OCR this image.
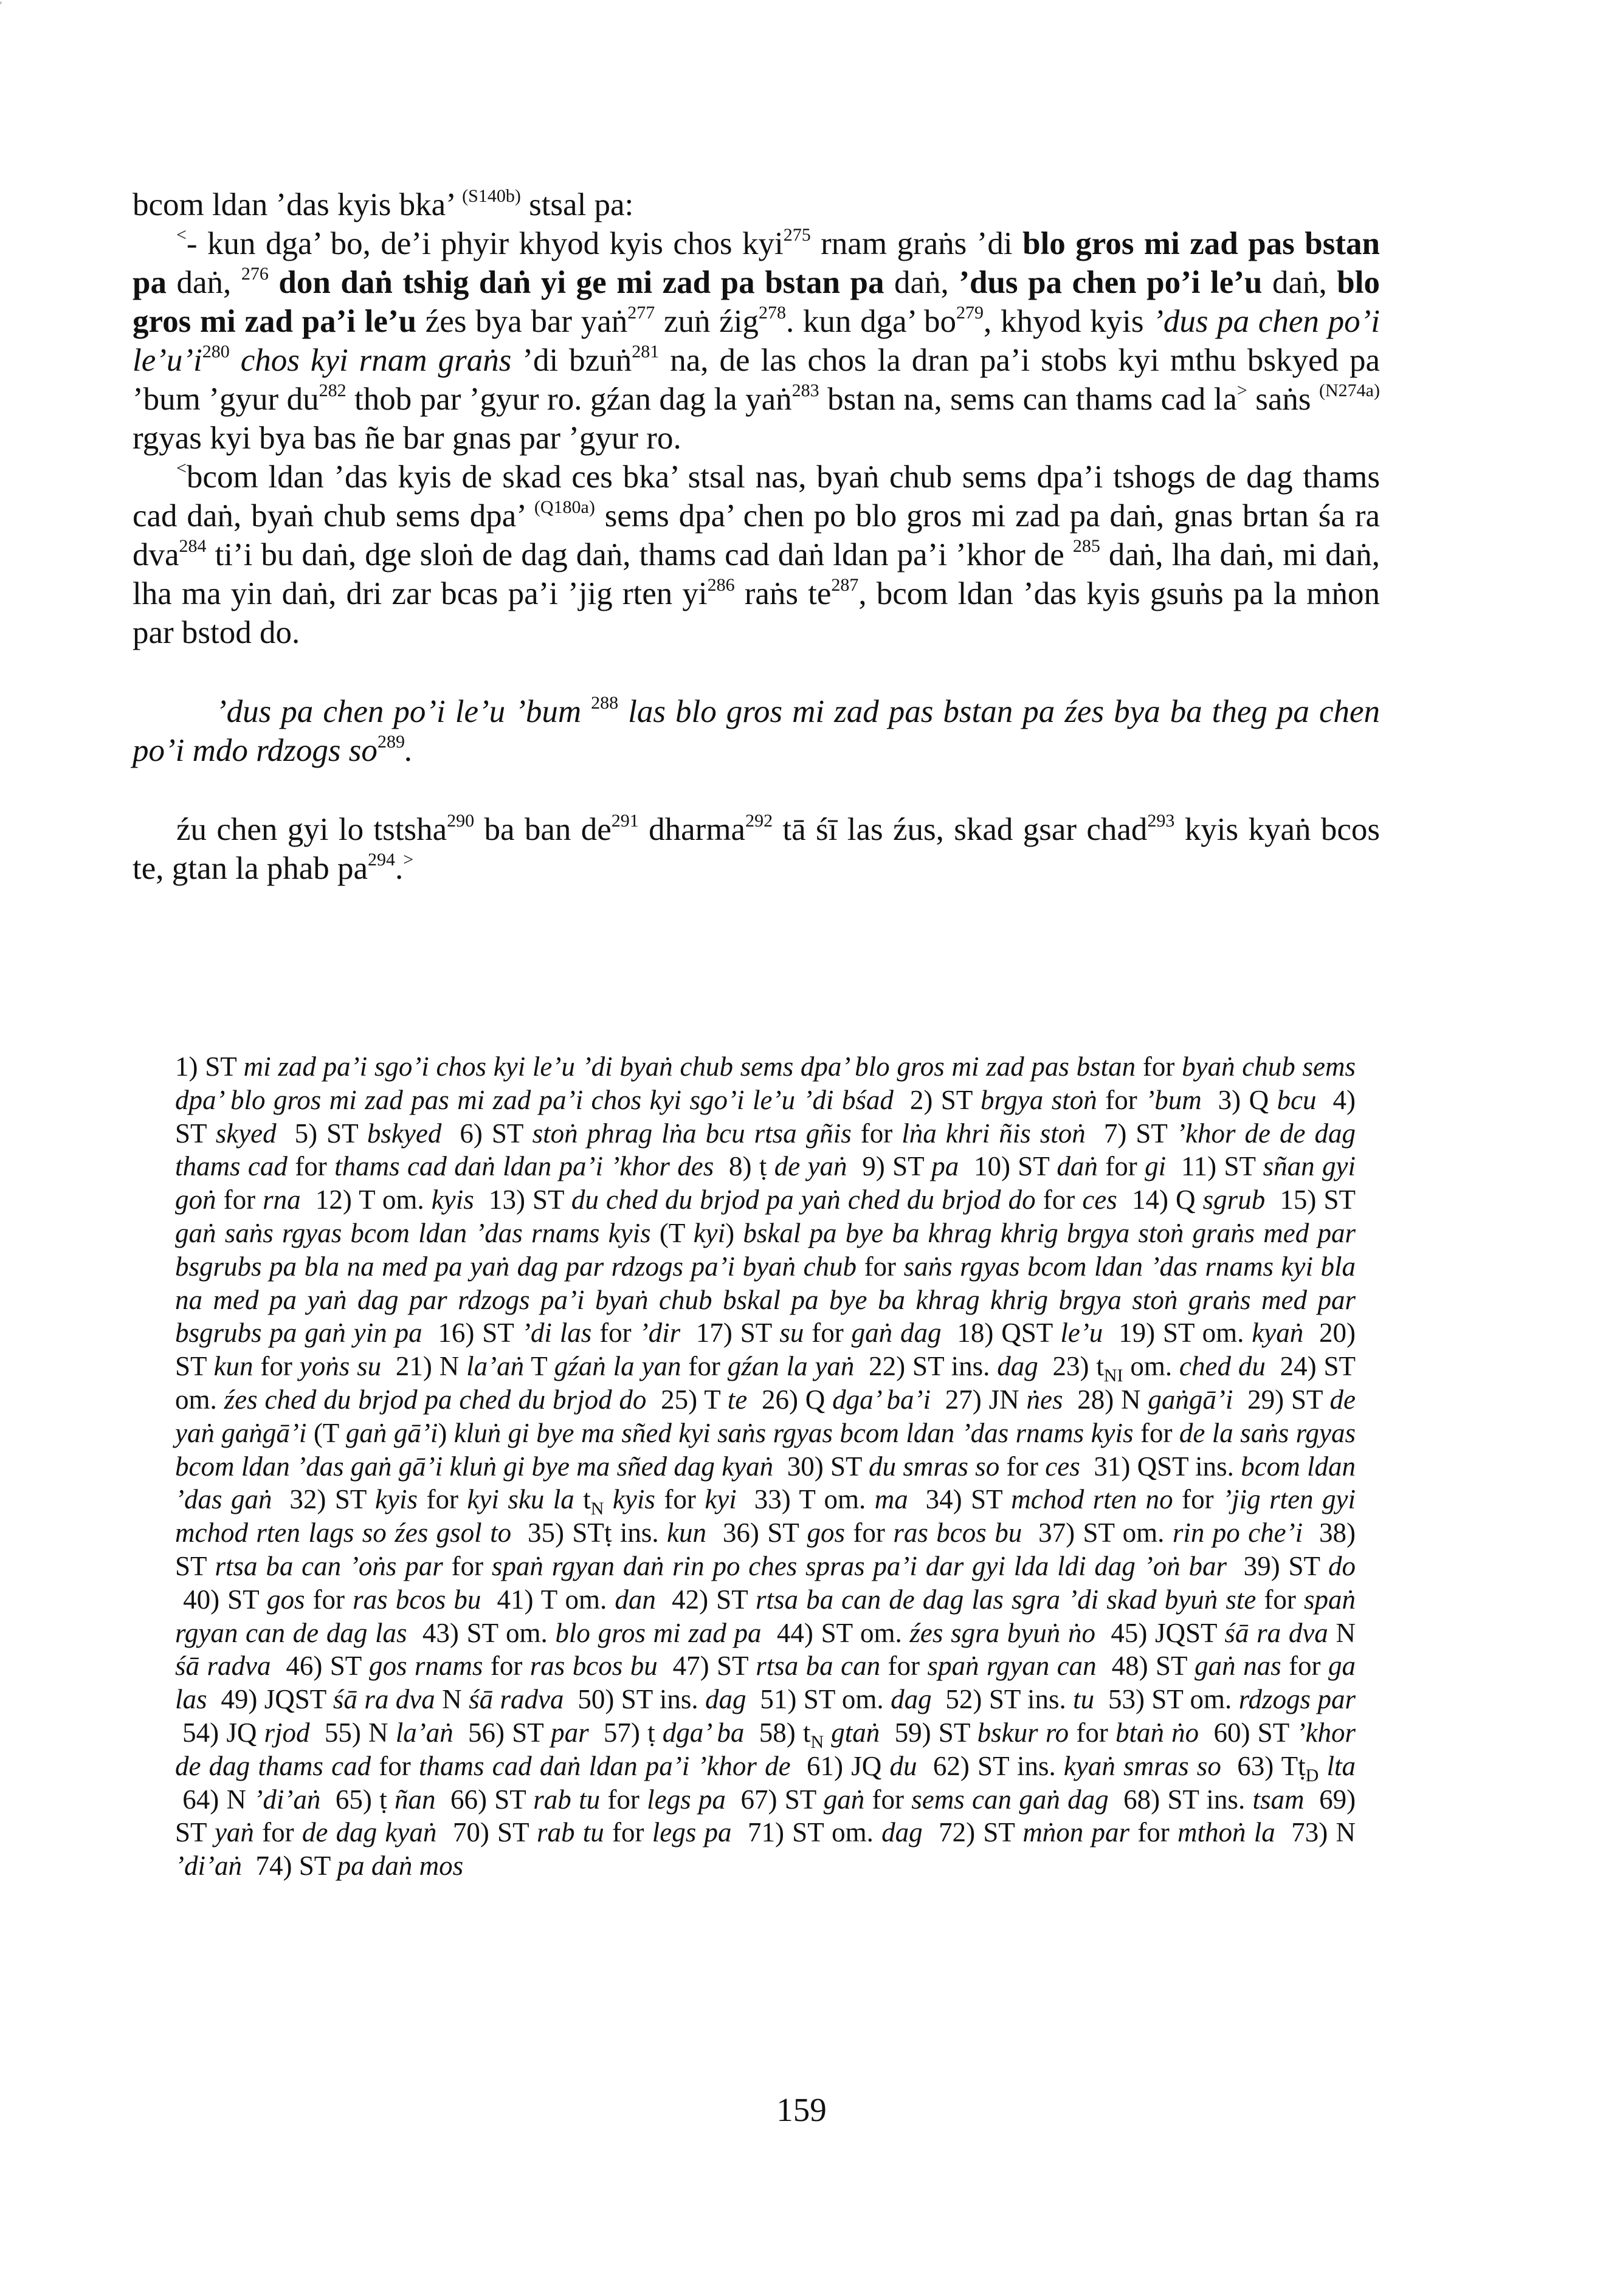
ʳ

bcom ldan ’das kyis bka’ $^{(S140b)}$ stsal pa:

<- kun dga’ bo, de’i phyir khyod kyis chos kyi$^{275}$ rnam graṅs ’di blo gros mi zad pas bstan pa daṅ, $^{276}$ don daṅ tshig daṅ yi ge mi zad pa bstan pa daṅ, ’dus pa chen po’i le’u daṅ, blo gros mi zad pa’i le’u źes bya bar yaṅ$^{277}$ zuṅ źig$^{278}$. kun dga’ $bo^{279}$, khyod kyis ’dus pa chen po’i $le’u’i^{280}$ chos kyi rnam graṅs ’di bzuṅ$^{281}$ na, de las chos la dran pa’i stobs kyi mthu bskyed pa ’bum ’gyur $du^{282}$ thob par ’gyur ro. gźan dag la yaṅ$^{283}$ bstan na, sems can thams cad la> saṅs $^{(N274a)}$ rgyas kyi bya bas ñe bar gnas par ’gyur ro.

<bcom ldan ’das kyis de skad ces bka’ stsal nas, byaṅ chub sems dpa’i tshogs de dag thams cad daṅ, byaṅ chub sems dpa’ $^{(Q180a)}$ sems dpa’ chen po blo gros mi zad pa daṅ, gnas brtan śa ra dva$^{284}$ ti’i bu daṅ, dge sloṅ de dag daṅ, thams cad daṅ ldan pa’i ’khor de $^{285}$ daṅ, lha daṅ, mi daṅ, lha ma yin daṅ, dri zar bcas pa’i ’jig rten $yi^{286}$ raṅs $te^{287}$, bcom ldan ’das kyis gsuṅs pa la mṅon par bstod do.

’dus pa chen po’i le’u ’bum $^{288}$ las blo gros mi zad pas bstan pa źes bya ba theg pa chen po’i mdo rdzogs $so^{289}$.

źu chen gyi lo tstsha$^{290}$ ba ban $de^{291}$ dharma$^{292}$ tā śī las źus, skad gsar chad$^{293}$ kyis kyaṅ bcos te, gtan la phab $pa^{294}.^>$

1) ST mi zad pa’i sgo’i chos kyi le’u ’di byaṅ chub sems dpa’ blo gros mi zad pas bstan for byaṅ chub sems dpa’ blo gros mi zad pas mi zad pa’i chos kyi sgo’i le’u ’di bśad  2) ST brgya stoṅ for ’bum  3) Q bcu  4) ST skyed  5) ST bskyed  6) ST stoṅ phrag lṅa bcu rtsa gñis for lṅa khri ñis stoṅ  7) ST ’khor de de dag thams cad for thams cad daṅ ldan pa’i ’khor des  8) ṭ de yaṅ  9) ST pa  10) ST daṅ for gi  11) ST sñan gyi goṅ for rna  12) T om. kyis  13) ST du ched du brjod pa yaṅ ched du brjod do for ces  14) Q sgrub  15) ST gaṅ saṅs rgyas bcom ldan ’das rnams kyis (T kyi) bskal pa bye ba khrag khrig brgya stoṅ graṅs med par bsgrubs pa bla na med pa yaṅ dag par rdzogs pa’i byaṅ chub for saṅs rgyas bcom ldan ’das rnams kyi bla na med pa yaṅ dag par rdzogs pa’i byaṅ chub bskal pa bye ba khrag khrig brgya stoṅ graṅs med par bsgrubs pa gaṅ yin pa  16) ST ’di las for ’dir  17) ST su for gaṅ dag  18) QST le’u  19) ST om. kyaṅ  20) ST kun for yoṅs su  21) N la’aṅ T gźaṅ la yan for gźan la yaṅ  22) ST ins. dag  23) $t_{NI}$ om. ched du  24) ST om. źes ched du brjod pa ched du brjod do  25) T te  26) Q dga’ ba’i  27) JN ṅes  28) N gaṅgā’i  29) ST de yaṅ gaṅgā’i (T gaṅ gā’i) kluṅ gi bye ma sñed kyi saṅs rgyas bcom ldan ’das rnams kyis for de la saṅs rgyas bcom ldan ’das gaṅ gā’i kluṅ gi bye ma sñed dag kyaṅ  30) ST du smras so for ces  31) QST ins. bcom ldan ’das gaṅ  32) ST kyis for kyi sku la $t_N$ kyis for kyi  33) T om. ma  34) ST mchod rten no for ’jig rten gyi mchod rten lags so źes gsol to  35) STṭ ins. kun  36) ST gos for ras bcos bu  37) ST om. rin po che’i  38) ST rtsa ba can ’oṅs par for spaṅ rgyan daṅ rin po ches spras pa’i dar gyi lda ldi dag ’oṅ bar  39) ST do  40) ST gos for ras bcos bu  41) T om. dan  42) ST rtsa ba can de dag las sgra ’di skad byuṅ ste for spaṅ rgyan can de dag las  43) ST om. blo gros mi zad pa  44) ST om. źes sgra byuṅ ṅo  45) JQST śā ra dva N śā radva  46) ST gos rnams for ras bcos bu  47) ST rtsa ba can for spaṅ rgyan can  48) ST gaṅ nas for ga las  49) JQST śā ra dva N śā radva  50) ST ins. dag  51) ST om. dag  52) ST ins. tu  53) ST om. rdzogs par  54) JQ rjod  55) N la’aṅ  56) ST par  57) ṭ dga’ ba  58) $t_N$ gtaṅ  59) ST bskur ro for btaṅ ṅo  60) ST ’khor de dag thams cad for thams cad daṅ ldan pa’i ’khor de  61) JQ du  62) ST ins. kyaṅ smras so  63) Tṭ$_D$ lta  64) N ’di’aṅ  65) ṭ ñan  66) ST rab tu for legs pa  67) ST gaṅ for sems can gaṅ dag  68) ST ins. tsam  69) ST yaṅ for de dag kyaṅ  70) ST rab tu for legs pa  71) ST om. dag  72) ST mṅon par for mthoṅ la  73) N ’di’aṅ  74) ST pa daṅ mos

159
